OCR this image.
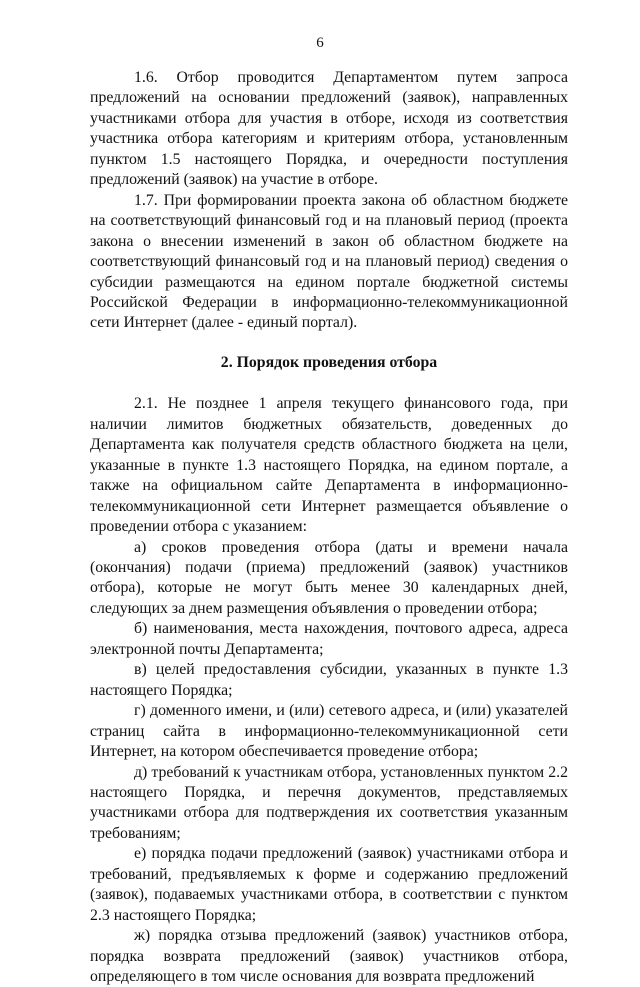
6

1.6. Отбор проводится Департаментом путем запроса предложений на основании предложений (заявок), направленных участниками отбора для участия в отборе, исходя из соответствия участника отбора категориям и критериям отбора, установленным пунктом 1.5 настоящего Порядка, и очередности поступления предложений (заявок) на участие в отборе.

1.7. При формировании проекта закона об областном бюджете на соответствующий финансовый год и на плановый период (проекта закона о внесении изменений в закон об областном бюджете на соответствующий финансовый год и на плановый период) сведения о субсидии размещаются на едином портале бюджетной системы Российской Федерации в информационно-телекоммуникационной сети Интернет (далее - единый портал).

2. Порядок проведения отбора

2.1. Не позднее 1 апреля текущего финансового года, при наличии лимитов бюджетных обязательств, доведенных до Департамента как получателя средств областного бюджета на цели, указанные в пункте 1.3 настоящего Порядка, на едином портале, а также на официальном сайте Департамента в информационно-телекоммуникационной сети Интернет размещается объявление о проведении отбора с указанием:

а) сроков проведения отбора (даты и времени начала (окончания) подачи (приема) предложений (заявок) участников отбора), которые не могут быть менее 30 календарных дней, следующих за днем размещения объявления о проведении отбора;

б) наименования, места нахождения, почтового адреса, адреса электронной почты Департамента;

в) целей предоставления субсидии, указанных в пункте 1.3 настоящего Порядка;

г) доменного имени, и (или) сетевого адреса, и (или) указателей страниц сайта в информационно-телекоммуникационной сети Интернет, на котором обеспечивается проведение отбора;

д) требований к участникам отбора, установленных пунктом 2.2 настоящего Порядка, и перечня документов, представляемых участниками отбора для подтверждения их соответствия указанным требованиям;

е) порядка подачи предложений (заявок) участниками отбора и требований, предъявляемых к форме и содержанию предложений (заявок), подаваемых участниками отбора, в соответствии с пунктом 2.3 настоящего Порядка;

ж) порядка отзыва предложений (заявок) участников отбора, порядка возврата предложений (заявок) участников отбора, определяющего в том числе основания для возврата предложений
